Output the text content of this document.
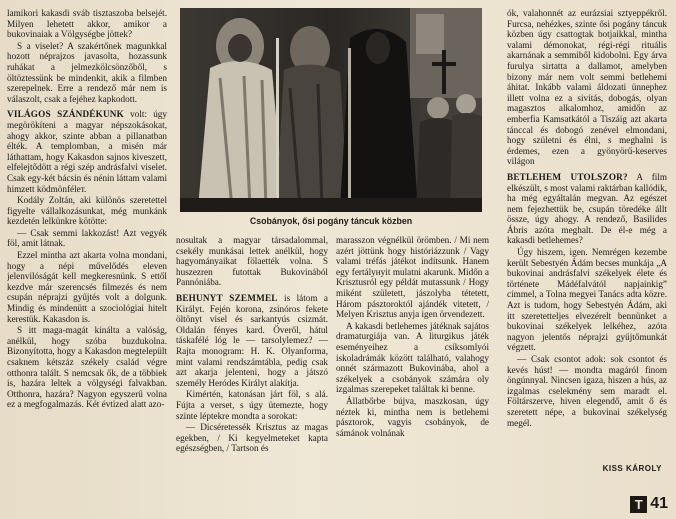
lamikori kakasdi sváb tisztaszoba belsejét. Milyen lehetett akkor, amikor a bukovinaiak a Völgységbe jöttek?

S a viselet? A szakértőnek magunkkal hozott néprajzos javasolta, hozassunk ruhákat a jelmezkölcsönzőből, s öltöztessünk be mindenkit, akik a filmben szerepelnek. Erre a rendező már nem is válaszolt, csak a fejéhez kapkodott.

VILÁGOS SZÁNDÉKUNK volt: úgy megörökíteni a magyar népszokásokat, ahogy akkor, szinte abban a pillanatban élték. A templomban, a misén már láthattam, hogy Kakasdon sajnos kiveszett, elfelejtődött a régi szép andrásfalvi viselet. Csak egy-két bácsin és nénin láttam valami himzett ködmönféleт.

Kodály Zoltán, aki különös szeretettel figyelte vállalkozásunkat, még munkánk kezdetén lelkünkre kötötte:

— Csak semmi lakkozást! Azt vegyék föl, amit látnak.

Ezzel mintha azt akarta volna mondani, hogy a népi művelődés eleven jelenvilóságát kell megkeresnünk. S ettől kezdve már szerencsés filmezés és nem csupán néprajzi gyűjtés volt a dolgunk. Mindig és mindenütt a szociológiai hitelt kerestük. Kakasdon is.

S itt maga-magát kínálta a valóság, anélkül, hogy szóba buzdukolna. Bizonyította, hogy a Kakasdon megtelepült csaknem kétszáz székely család végre otthonra talált. S nemcsak ők, de a többiek is, hazára leltek a völgységi falvakban. Otthonra, hazára? Nagyon egyszerű volna ez a megfogalmazás. Két évtized alatt azo-

Csobányok, ősi pogány táncuk közben

nosultak a magyar társadalommal, csekély munkásai lettek anélkül, hogy hagyományaikat fölaették volna. S huszezren futottak Bukovinából Pannóniába.

BEHUNYT SZEMMEL is látom a Királyt. Fején korona, zsinóros fekete öltönyt visel és sarkantyús csizmát. Oldalán fényes kard. Överől, hátul táskafélé lóg le — tarsolylemez? — Rajta monogram: H. K. Olyanforma, mint valami rendszámtábla, pedig csak azt akarja jelenteni, hogy a játszó személy Heródes Királyt alakítja.

Kimértén, katonásan járt föl, s alá. Fújta a verset, s úgy ütemezte, hogy szinte léptekre mondta a sorokat:

— Dicséretessék Krisztus az magas egekben, / Ki kegyelmeteket kapta egészségben, / Tartson és

marasszon végnélkül örömben. / Mi nem azért jöttünk hogy históriázzunk / Vagy valami tréfás játékot indítsunk. Hanem egy fertályнyit mulatni akarunk. Midőn a Krisztusról egy példát mutassunk / Hogy miként született, jászolyba tétetett, Három pásztoroktól ajándék vitetett, / Melyen Krisztus anyja igen örvendezett.

A kakasdi betlehemes játéknak sajátos dramaturgiája van. A liturgikus játék eseményeihez a csíksomlyói iskoladrámák között található, valahogy onnét származott Bukovinába, ahol a székelyek a csobányok számára oly izgalmas szerepeket találtak ki benne.

Állatbőrbe bújva, maszkosan, úgy néztek ki, mintha nem is betlehemi pásztorok, vagyis csobányok, de sámánok volnának

ók, valahonnét az eurázsiai sztyeppékről. Furcsa, nehézkes, szinte ősi pogány táncuk közben úgy csattogtak botjaikkal, minthа valami démonokat, régi-régi rituális akarnának a semmiből kidobolni. Egy árva furulya sirtatta a dallamot, amelyben bizony már nem volt semmi betlehemi áhitat. Inkább valami áldozati ünnephez illett volna ez a sivítás, dobogás, olyan magasztos alkalomhoz, amidőn az emberfia Kamsatkától a Tiszáig azt akarta tánccal és dobogó zenével elmondani, hogy születni és élni, s meghalni is érdemes, ezen a gyönyörű-keserves világon

BETLEHEM UTOLSZOR? A film elkészült, s most valami raktárban kallódik, ha még egyáltalán megvan. Az egészet nem fejezhettük be, csupán töredéke állt össze, úgy ahogy. A rendező, Basilides Ábris azóta meghalt. De él-e még a kakasdi betlehemes?

Úgy hiszem, igen. Nemrégen kezembe került Sebestyén Ádám becses munkája „A bukovinai andrásfalvi székelyek élete és története Mádéfalvától napjainkig” címmel, a Tolna megyei Tanács adta közre. Azt is tudom, hogy Sebestyén Ádám, aki itt szeretetteljes elvezérelt bennünket a bukovinai székelyek lelkéhez, azóta nagyon jelentős néprajzi gyűjtőmunkát végzett.

— Csak csontot adok: sok csontot és kevés húst! — mondta magáról finom öngúnnyal. Nincsen igaza, hiszen a hús, az izgalmas cselekmény sem maradt el. Föltárszerve, hiven elegendő, amit ő és szeretett népe, a bukovinai székelység megél.

KISS KÁROLY
T 41
